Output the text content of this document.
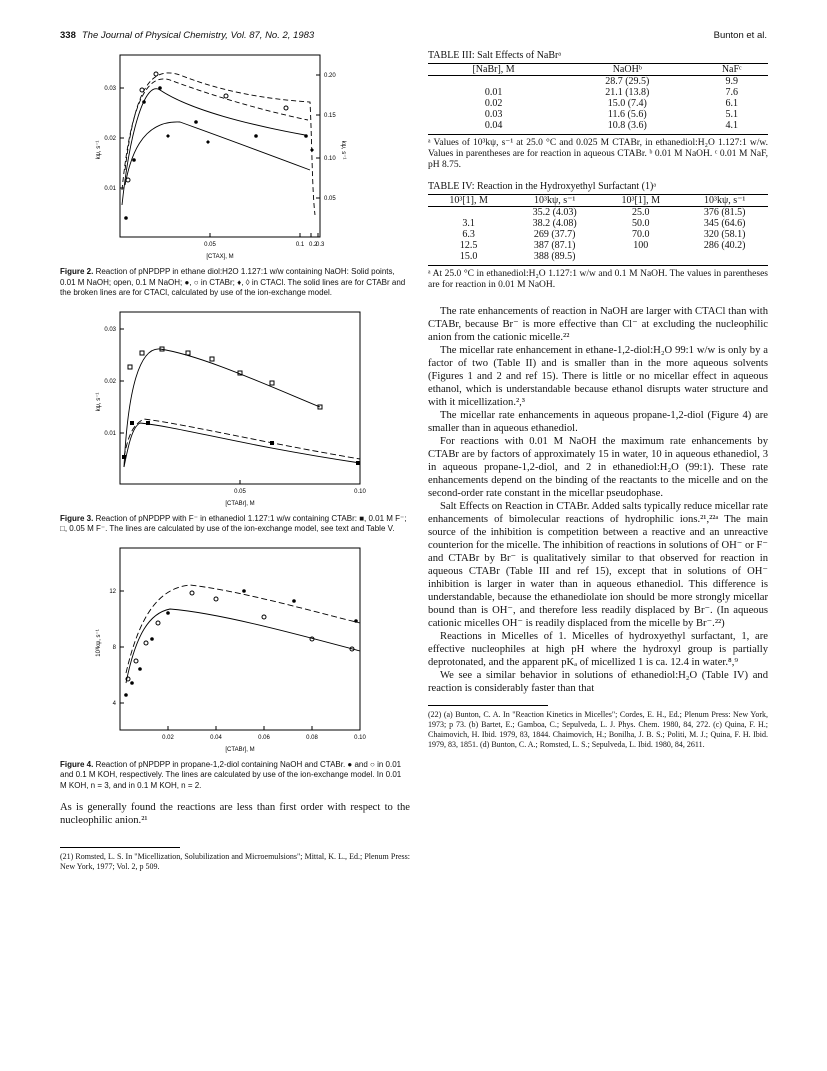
338 The Journal of Physical Chemistry, Vol. 87, No. 2, 1983	Bunton et al.
0.03
0.02
0.01
0.20
0.15
0.10
0.05
0.05	0.1 0.2
0.3
[CTAX], M
kψ, s⁻¹	kψ, s⁻¹

Figure 2. Reaction of pNPDPP in ethane diol:H2O 1.127:1 w/w containing NaOH: Solid points, 0.01 M NaOH; open, 0.1 M NaOH; ●, ○ in CTABr; ♦, ◊ in CTACl. The solid lines are for CTABr and the broken lines are for CTACl, calculated by use of the ion-exchange model.

0.03
0.02
0.01
0.05	0.10
[CTABr], M
kψ, s⁻¹

Figure 3. Reaction of pNPDPP with F⁻ in ethanediol 1.127:1 w/w containing CTABr: ■, 0.01 M F⁻; □, 0.05 M F⁻. The lines are calculated by use of the ion-exchange model, see text and Table V.

12
8
4
0.02	0.04	0.06	0.08	0.10
[CTABr], M
10³kψ, s⁻¹

Figure 4. Reaction of pNPDPP in propane-1,2-diol containing NaOH and CTABr. ● and ○ in 0.01 and 0.1 M KOH, respectively. The lines are calculated by use of the ion-exchange model. In 0.01 M KOH, n = 3, and in 0.1 M KOH, n = 2.

As is generally found the reactions are less than first order with respect to the nucleophilic anion.²¹

(21) Romsted, L. S. In "Micellization, Solubilization and Microemulsions"; Mittal, K. L., Ed.; Plenum Press: New York, 1977; Vol. 2, p 509.

TABLE III: Salt Effects of NaBrᵃ

[NaBr], M	NaOHᵇ	NaFᶜ
	28.7 (29.5)	9.9
0.01	21.1 (13.8)	7.6
0.02	15.0 (7.4)	6.1
0.03	11.6 (5.6)	5.1
0.04	10.8 (3.6)	4.1

ᵃ Values of 10³kψ, s⁻¹ at 25.0 °C and 0.025 M CTABr, in ethanediol:H₂O 1.127:1 w/w. Values in parentheses are for reaction in aqueous CTABr. ᵇ 0.01 M NaOH. ᶜ 0.01 M NaF, pH 8.75.

TABLE IV: Reaction in the Hydroxyethyl Surfactant (1)ᵃ

10³[1], M	10³kψ, s⁻¹	10³[1], M	10³kψ, s⁻¹
	35.2 (4.03)	25.0	376 (81.5)
3.1	38.2 (4.08)	50.0	345 (64.6)
6.3	269 (37.7)	70.0	320 (58.1)
12.5	387 (87.1)	100	286 (40.2)
15.0	388 (89.5)		

ᵃ At 25.0 °C in ethanediol:H₂O 1.127:1 w/w and 0.1 M NaOH. The values in parentheses are for reaction in 0.01 M NaOH.

The rate enhancements of reaction in NaOH are larger with CTACl than with CTABr, because Br⁻ is more effective than Cl⁻ at excluding the nucleophilic anion from the cationic micelle.²²

The micellar rate enhancement in ethane-1,2-diol:H₂O 99:1 w/w is only by a factor of two (Table II) and is smaller than in the more aqueous solvents (Figures 1 and 2 and ref 15). There is little or no micellar effect in aqueous ethanol, which is understandable because ethanol disrupts water structure and with it micellization.²,³

The micellar rate enhancements in aqueous propane-1,2-diol (Figure 4) are smaller than in aqueous ethanediol.

For reactions with 0.01 M NaOH the maximum rate enhancements by CTABr are by factors of approximately 15 in water, 10 in aqueous ethanediol, 3 in aqueous propane-1,2-diol, and 2 in ethanediol:H₂O (99:1). These rate enhancements depend on the binding of the reactants to the micelle and on the second-order rate constant in the micellar pseudophase.

Salt Effects on Reaction in CTABr. Added salts typically reduce micellar rate enhancements of bimolecular reactions of hydrophilic ions.²¹,²²ᵃ The main source of the inhibition is competition between a reactive and an unreactive counterion for the micelle. The inhibition of reactions in solutions of OH⁻ or F⁻ and CTABr by Br⁻ is qualitatively similar to that observed for reaction in aqueous CTABr (Table III and ref 15), except that in solutions of OH⁻ inhibition is larger in water than in aqueous ethanediol. This difference is understandable, because the ethanediolate ion should be more strongly micellar bound than is OH⁻, and therefore less readily displaced by Br⁻. (In aqueous cationic micelles OH⁻ is readily displaced from the micelle by Br⁻.²²)

Reactions in Micelles of 1. Micelles of hydroxyethyl surfactant, 1, are effective nucleophiles at high pH where the hydroxyl group is partially deprotonated, and the apparent pKₐ of micellized 1 is ca. 12.4 in water.⁸,⁹

We see a similar behavior in solutions of ethanediol:H₂O (Table IV) and reaction is considerably faster than that

(22) (a) Bunton, C. A. In "Reaction Kinetics in Micelles"; Cordes, E. H., Ed.; Plenum Press: New York, 1973; p 73. (b) Bartet, E.; Gamboa, C.; Sepulveda, L. J. Phys. Chem. 1980, 84, 272. (c) Quina, F. H.; Chaimovich, H. Ibid. 1979, 83, 1844. Chaimovich, H.; Bonilha, J. B. S.; Politi, M. J.; Quina, F. H. Ibid. 1979, 83, 1851. (d) Bunton, C. A.; Romsted, L. S.; Sepulveda, L. Ibid. 1980, 84, 2611.
